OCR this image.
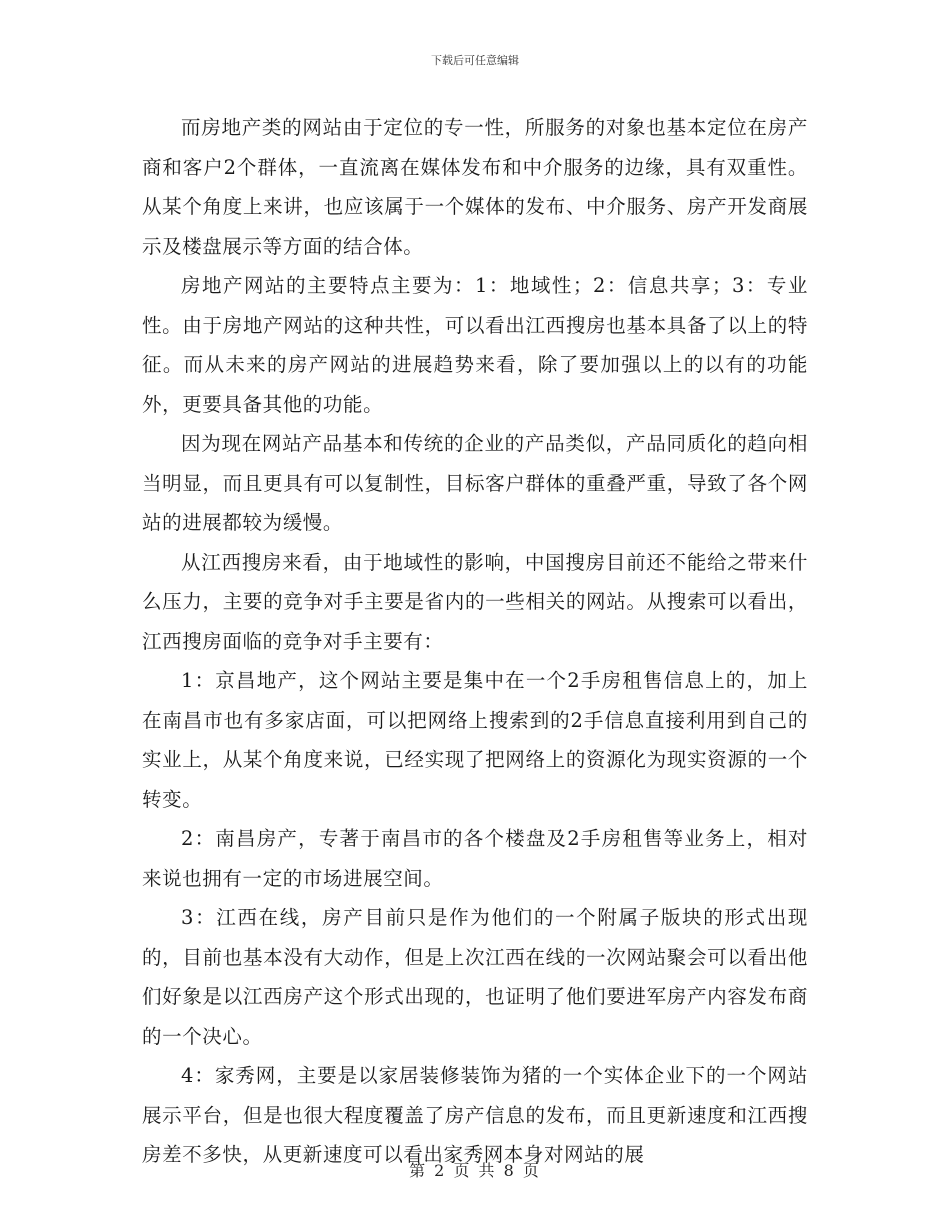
下载后可任意编辑

而房地产类的网站由于定位的专一性，所服务的对象也基本定位在房产商和客户2个群体，一直流离在媒体发布和中介服务的边缘，具有双重性。从某个角度上来讲，也应该属于一个媒体的发布、中介服务、房产开发商展示及楼盘展示等方面的结合体。

房地产网站的主要特点主要为：1：地域性；2：信息共享；3：专业性。由于房地产网站的这种共性，可以看出江西搜房也基本具备了以上的特征。而从未来的房产网站的进展趋势来看，除了要加强以上的以有的功能外，更要具备其他的功能。

因为现在网站产品基本和传统的企业的产品类似，产品同质化的趋向相当明显，而且更具有可以复制性，目标客户群体的重叠严重，导致了各个网站的进展都较为缓慢。

从江西搜房来看，由于地域性的影响，中国搜房目前还不能给之带来什么压力，主要的竞争对手主要是省内的一些相关的网站。从搜索可以看出，江西搜房面临的竞争对手主要有：

1：京昌地产，这个网站主要是集中在一个2手房租售信息上的，加上在南昌市也有多家店面，可以把网络上搜索到的2手信息直接利用到自己的实业上，从某个角度来说，已经实现了把网络上的资源化为现实资源的一个转变。

2：南昌房产，专著于南昌市的各个楼盘及2手房租售等业务上，相对来说也拥有一定的市场进展空间。

3：江西在线，房产目前只是作为他们的一个附属子版块的形式出现的，目前也基本没有大动作，但是上次江西在线的一次网站聚会可以看出他们好象是以江西房产这个形式出现的，也证明了他们要进军房产内容发布商的一个决心。

4：家秀网，主要是以家居装修装饰为猪的一个实体企业下的一个网站展示平台，但是也很大程度覆盖了房产信息的发布，而且更新速度和江西搜房差不多快，从更新速度可以看出家秀网本身对网站的展

第 2 页 共 8 页
